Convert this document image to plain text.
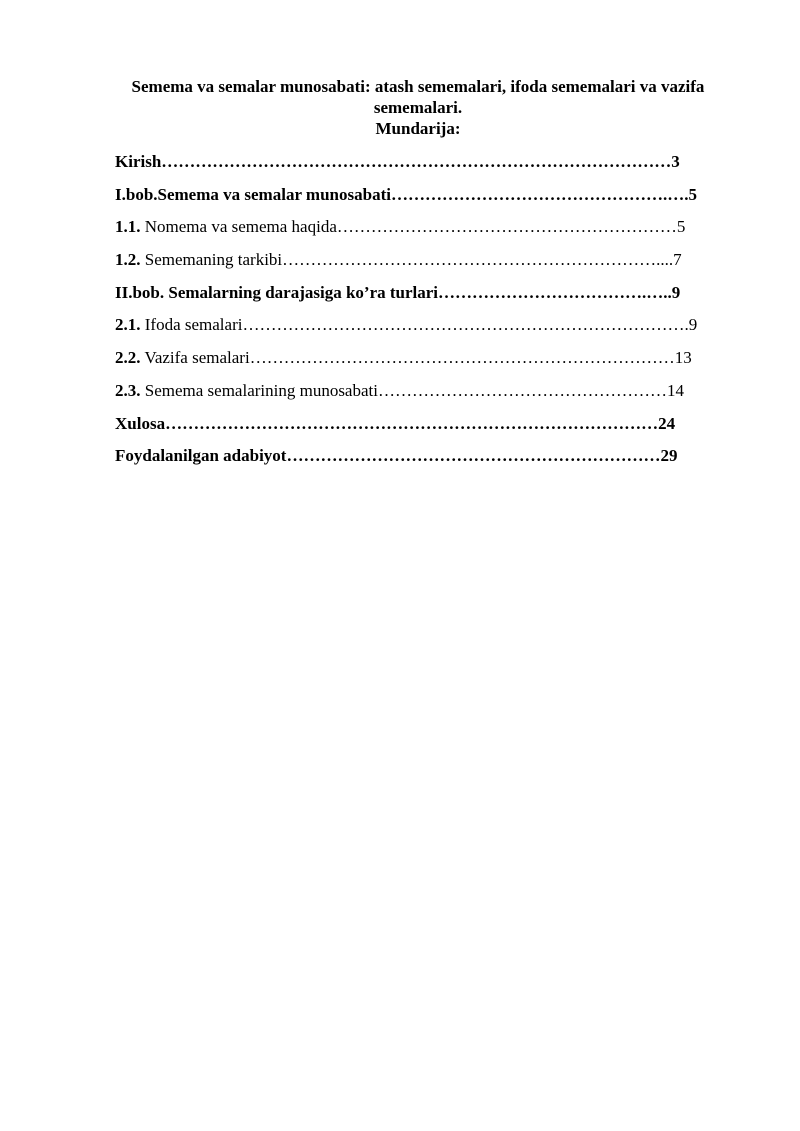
Semema va semalar munosabati: atash sememalari, ifoda sememalari va vazifa sememalari.
Mundarija:
Kirish………………………………………………………………………………3
I.bob.Semema va semalar munosabati………………………………………….….5
1.1. Nomema va semema haqida……………………………………………………5
1.2. Sememaning tarkibi…………………………………………………………....7
II.bob. Semalarning darajasiga ko’ra turlari……………………………….…..9
2.1. Ifoda semalari…………………………………………………………………….9
2.2. Vazifa semalari…………………………………………………………………13
2.3. Semema semalarining munosabati……………………………………………14
Xulosa……………………………………………………………………………24
Foydalanilgan adabiyot…………………………………………………………29
